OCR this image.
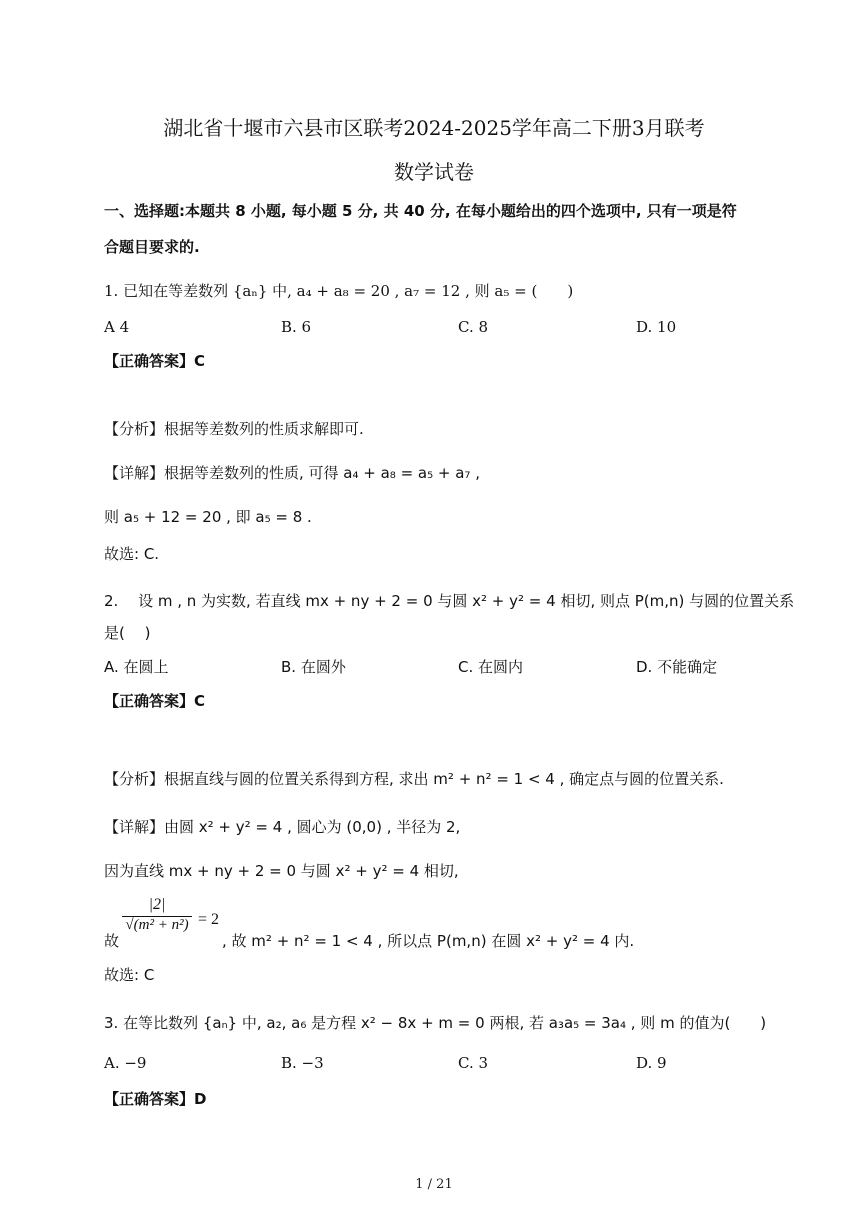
湖北省十堰市六县市区联考2024-2025学年高二下册3月联考
数学试卷
一、选择题:本题共 8 小题, 每小题 5 分, 共 40 分, 在每小题给出的四个选项中, 只有一项是符
合题目要求的.
1. 已知在等差数列 {aₙ} 中, a₄ + a₈ = 20 , a₇ = 12 , 则 a₅ = (　　)
A 4	B. 6	C. 8	D. 10
【正确答案】C
【分析】根据等差数列的性质求解即可.
【详解】根据等差数列的性质, 可得 a₄ + a₈ = a₅ + a₇ ,
则 a₅ + 12 = 20 , 即 a₅ = 8 .
故选: C.
2.　 设 m , n 为实数, 若直线 mx + ny + 2 = 0 与圆 x² + y² = 4 相切, 则点 P(m,n) 与圆的位置关系
是(　 )
A. 在圆上	B. 在圆外	C. 在圆内	D. 不能确定
【正确答案】C
【分析】根据直线与圆的位置关系得到方程, 求出 m² + n² = 1 < 4 , 确定点与圆的位置关系.
【详解】由圆 x² + y² = 4 , 圆心为 (0,0) , 半径为 2,
因为直线 mx + ny + 2 = 0 与圆 x² + y² = 4 相切,
|2|
√(m² + n²) = 2
故	, 故 m² + n² = 1 < 4 , 所以点 P(m,n) 在圆 x² + y² = 4 内.
故选: C
3. 在等比数列 {aₙ} 中, a₂, a₆ 是方程 x² − 8x + m = 0 两根, 若 a₃a₅ = 3a₄ , 则 m 的值为(　　)
A. −9	B. −3	C. 3	D. 9
【正确答案】D
1 / 21
